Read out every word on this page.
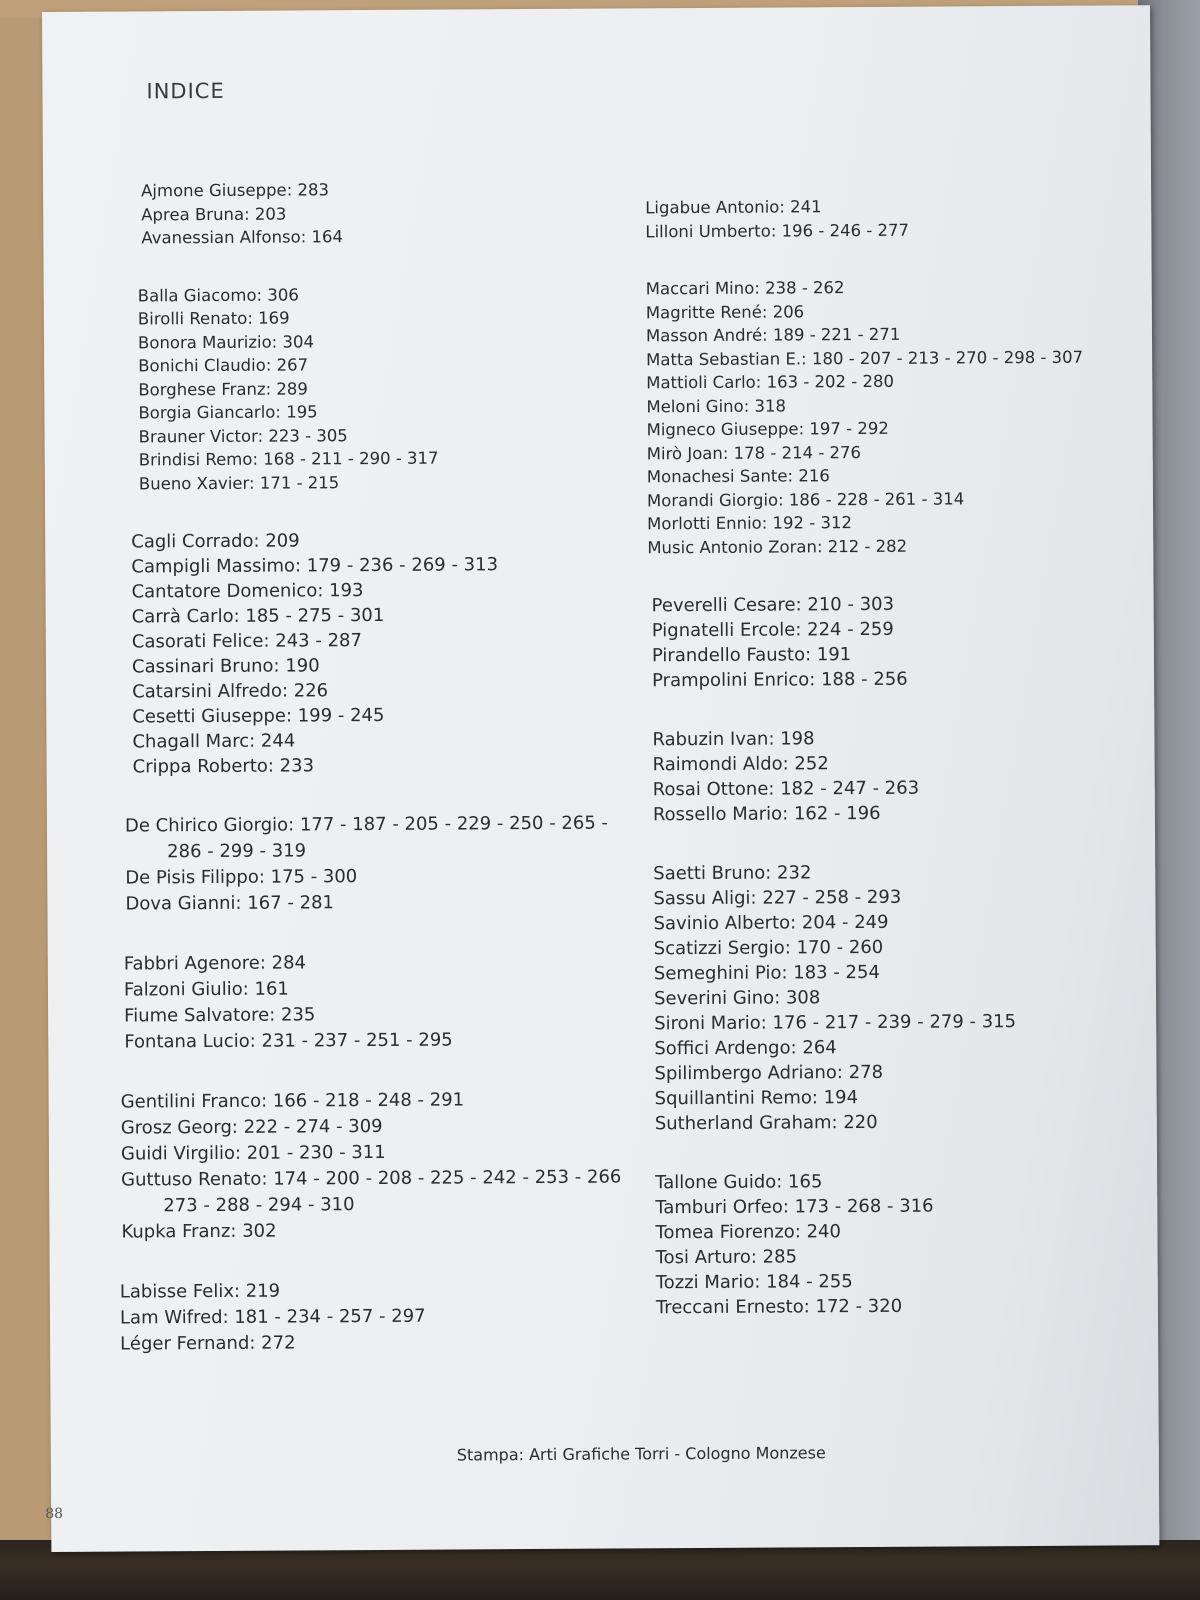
INDICE
Ajmone Giuseppe: 283
Aprea Bruna: 203
Avanessian Alfonso: 164
Balla Giacomo: 306
Birolli Renato: 169
Bonora Maurizio: 304
Bonichi Claudio: 267
Borghese Franz: 289
Borgia Giancarlo: 195
Brauner Victor: 223 - 305
Brindisi Remo: 168 - 211 - 290 - 317
Bueno Xavier: 171 - 215
Cagli Corrado: 209
Campigli Massimo: 179 - 236 - 269 - 313
Cantatore Domenico: 193
Carrà Carlo: 185 - 275 - 301
Casorati Felice: 243 - 287
Cassinari Bruno: 190
Catarsini Alfredo: 226
Cesetti Giuseppe: 199 - 245
Chagall Marc: 244
Crippa Roberto: 233
De Chirico Giorgio: 177 - 187 - 205 - 229 - 250 - 265 -
286 - 299 - 319
De Pisis Filippo: 175 - 300
Dova Gianni: 167 - 281
Fabbri Agenore: 284
Falzoni Giulio: 161
Fiume Salvatore: 235
Fontana Lucio: 231 - 237 - 251 - 295
Gentilini Franco: 166 - 218 - 248 - 291
Grosz Georg: 222 - 274 - 309
Guidi Virgilio: 201 - 230 - 311
Guttuso Renato: 174 - 200 - 208 - 225 - 242 - 253 - 266
273 - 288 - 294 - 310
Kupka Franz: 302
Labisse Felix: 219
Lam Wifred: 181 - 234 - 257 - 297
Léger Fernand: 272
Ligabue Antonio: 241
Lilloni Umberto: 196 - 246 - 277
Maccari Mino: 238 - 262
Magritte René: 206
Masson André: 189 - 221 - 271
Matta Sebastian E.: 180 - 207 - 213 - 270 - 298 - 307
Mattioli Carlo: 163 - 202 - 280
Meloni Gino: 318
Migneco Giuseppe: 197 - 292
Mirò Joan: 178 - 214 - 276
Monachesi Sante: 216
Morandi Giorgio: 186 - 228 - 261 - 314
Morlotti Ennio: 192 - 312
Music Antonio Zoran: 212 - 282
Peverelli Cesare: 210 - 303
Pignatelli Ercole: 224 - 259
Pirandello Fausto: 191
Prampolini Enrico: 188 - 256
Rabuzin Ivan: 198
Raimondi Aldo: 252
Rosai Ottone: 182 - 247 - 263
Rossello Mario: 162 - 196
Saetti Bruno: 232
Sassu Aligi: 227 - 258 - 293
Savinio Alberto: 204 - 249
Scatizzi Sergio: 170 - 260
Semeghini Pio: 183 - 254
Severini Gino: 308
Sironi Mario: 176 - 217 - 239 - 279 - 315
Soffici Ardengo: 264
Spilimbergo Adriano: 278
Squillantini Remo: 194
Sutherland Graham: 220
Tallone Guido: 165
Tamburi Orfeo: 173 - 268 - 316
Tomea Fiorenzo: 240
Tosi Arturo: 285
Tozzi Mario: 184 - 255
Treccani Ernesto: 172 - 320
Stampa: Arti Grafiche Torri - Cologno Monzese
88
